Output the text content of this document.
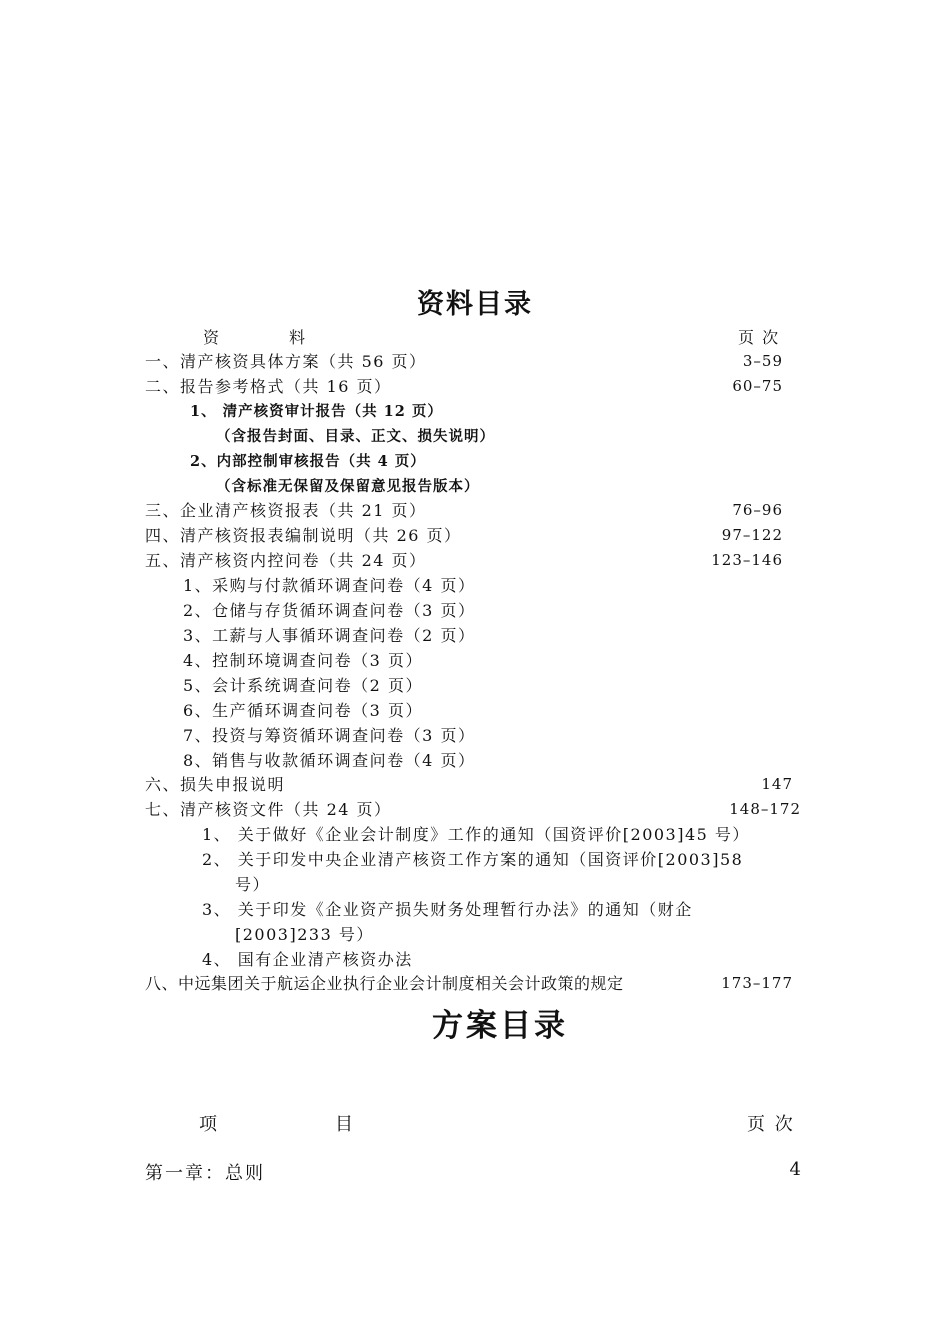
资料目录
资	料	页 次
一、清产核资具体方案（共 56 页）	3–59
二、报告参考格式（共 16 页）	60–75
1、 清产核资审计报告（共 12 页）
（含报告封面、目录、正文、损失说明）
2、内部控制审核报告（共 4 页）
（含标准无保留及保留意见报告版本）
三、企业清产核资报表（共 21 页）	76–96
四、清产核资报表编制说明（共 26 页）	97–122
五、清产核资内控问卷（共 24 页）	123–146
1、采购与付款循环调查问卷（4 页）
2、仓储与存货循环调查问卷（3 页）
3、工薪与人事循环调查问卷（2 页）
4、控制环境调查问卷（3 页）
5、会计系统调查问卷（2 页）
6、生产循环调查问卷（3 页）
7、投资与筹资循环调查问卷（3 页）
8、销售与收款循环调查问卷（4 页）
六、损失申报说明	147
七、清产核资文件（共 24 页）	148–172
1、 关于做好《企业会计制度》工作的通知（国资评价[2003]45 号）
2、 关于印发中央企业清产核资工作方案的通知（国资评价[2003]58
号）
3、 关于印发《企业资产损失财务处理暂行办法》的通知（财企
[2003]233 号）
4、 国有企业清产核资办法
八、中远集团关于航运企业执行企业会计制度相关会计政策的规定	173–177
方案目录
项	目	页 次
第一章：总则	4
